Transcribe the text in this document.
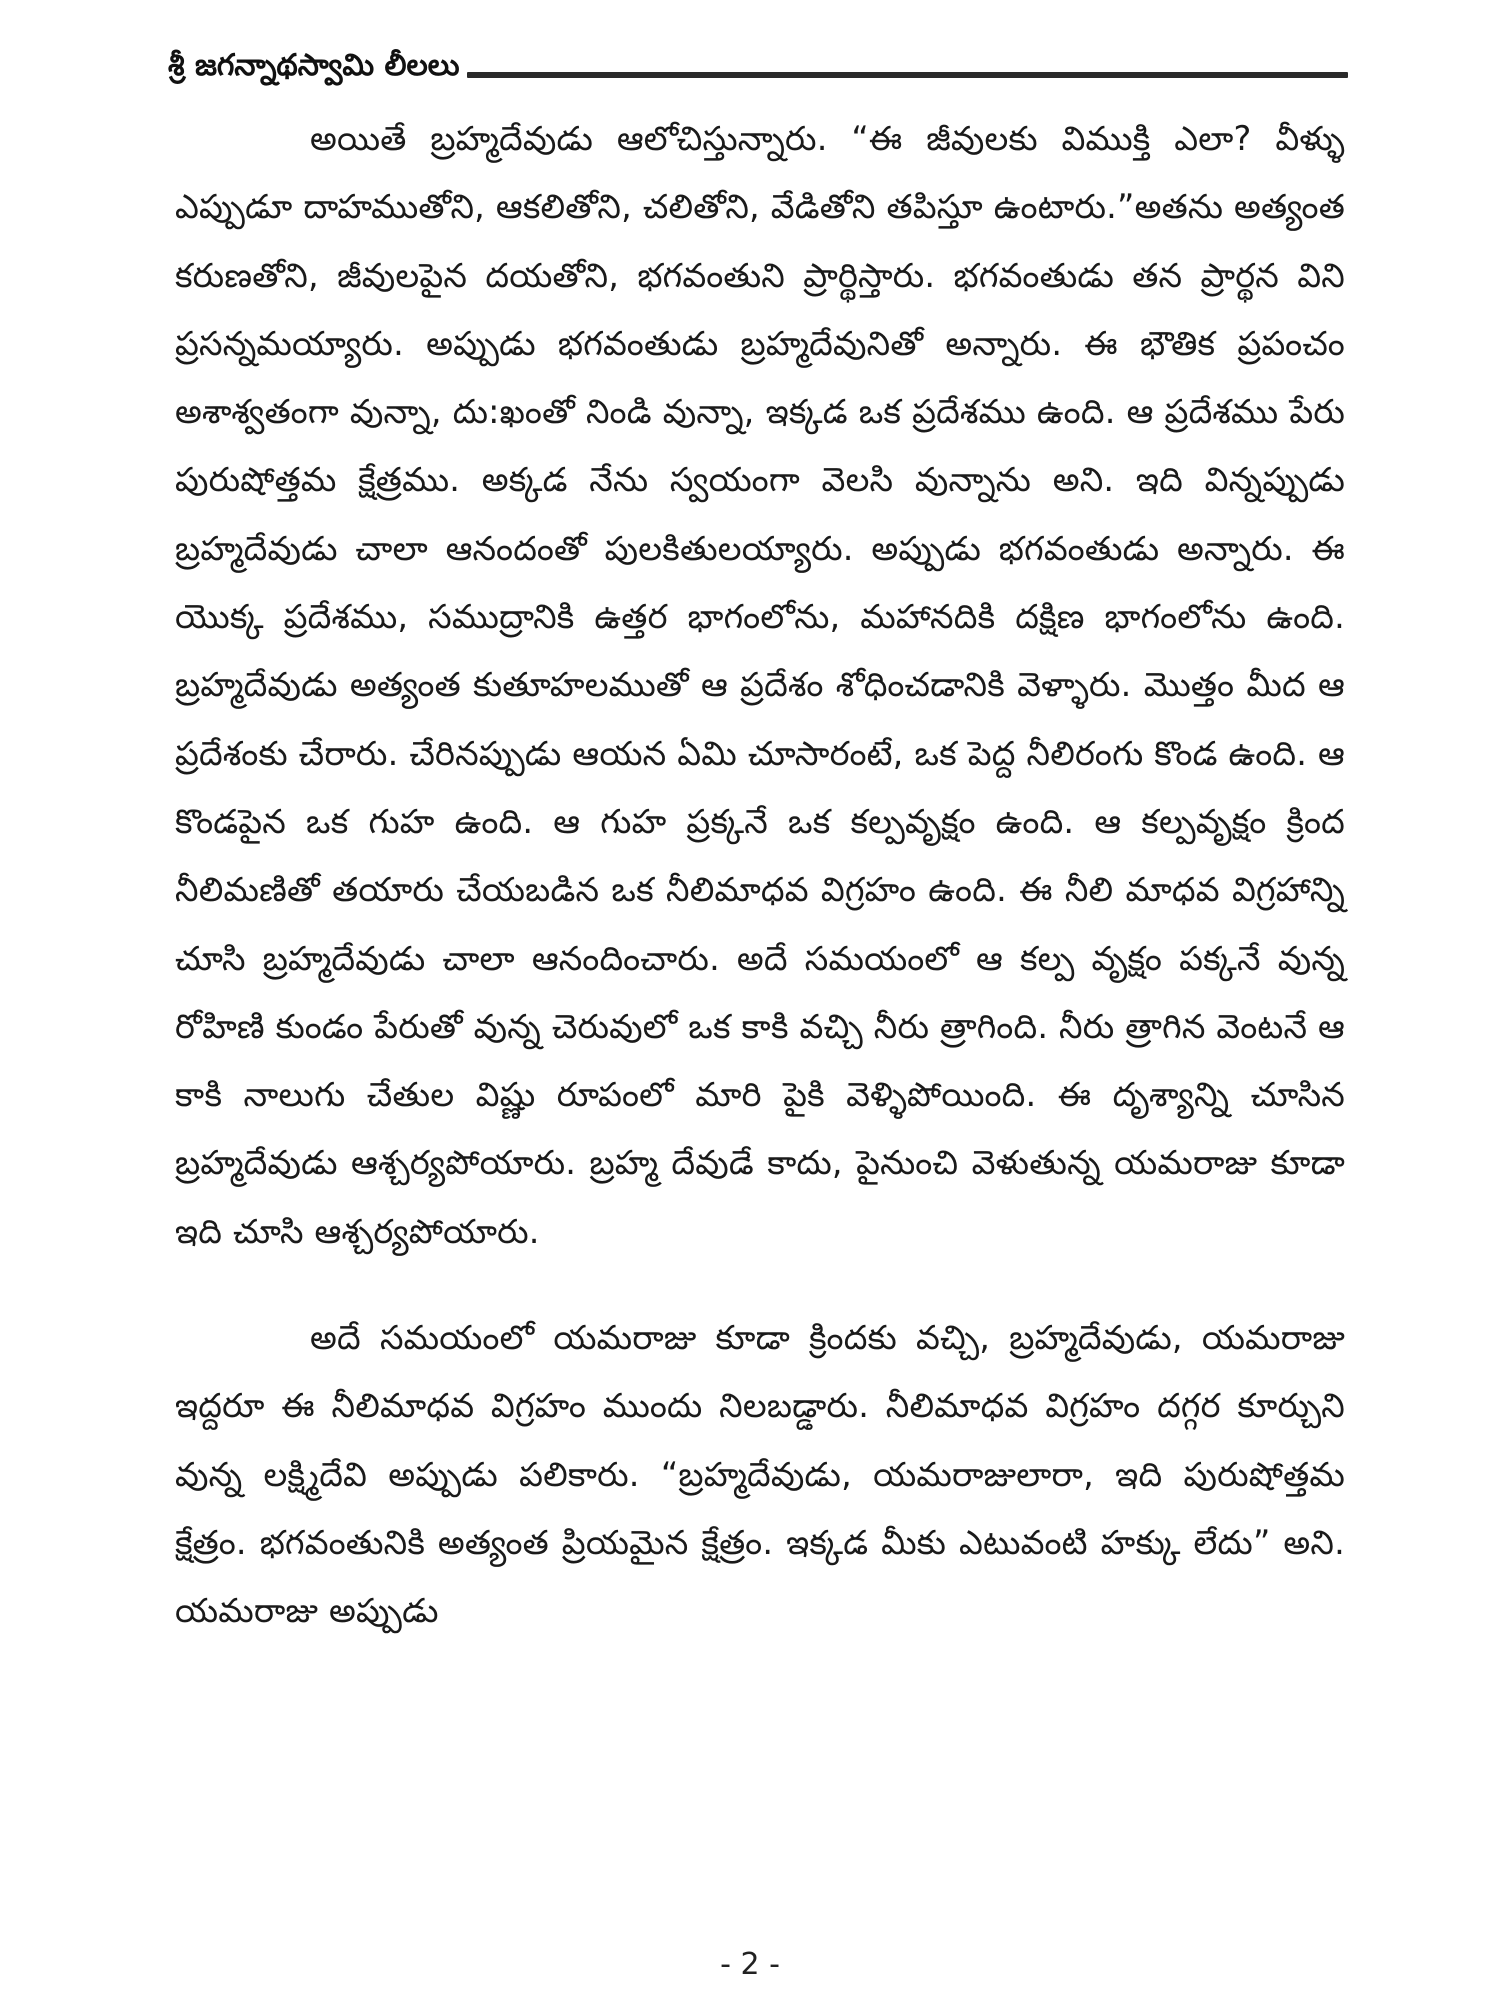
శ్రీ జగన్నాథస్వామి లీలలు

అయితే బ్రహ్మదేవుడు ఆలోచిస్తున్నారు. “ఈ జీవులకు విముక్తి ఎలా? వీళ్ళు ఎప్పుడూ దాహముతోని, ఆకలితోని, చలితోని, వేడితోని తపిస్తూ ఉంటారు.”అతను అత్యంత కరుణతోని, జీవులపైన దయతోని, భగవంతుని ప్రార్థిస్తారు. భగవంతుడు తన ప్రార్థన విని ప్రసన్నమయ్యారు. అప్పుడు భగవంతుడు బ్రహ్మదేవునితో అన్నారు. ఈ భౌతిక ప్రపంచం అశాశ్వతంగా వున్నా, దు:ఖంతో నిండి వున్నా, ఇక్కడ ఒక ప్రదేశము ఉంది. ఆ ప్రదేశము పేరు పురుషోత్తమ క్షేత్రము. అక్కడ నేను స్వయంగా వెలసి వున్నాను అని. ఇది విన్నప్పుడు బ్రహ్మదేవుడు చాలా ఆనందంతో పులకితులయ్యారు. అప్పుడు భగవంతుడు అన్నారు. ఈ యొక్క ప్రదేశము, సముద్రానికి ఉత్తర భాగంలోను, మహానదికి దక్షిణ భాగంలోను ఉంది. బ్రహ్మదేవుడు అత్యంత కుతూహలముతో ఆ ప్రదేశం శోధించడానికి వెళ్ళారు. మొత్తం మీద ఆ ప్రదేశంకు చేరారు. చేరినప్పుడు ఆయన ఏమి చూసారంటే, ఒక పెద్ద నీలిరంగు కొండ ఉంది. ఆ కొండపైన ఒక గుహ ఉంది. ఆ గుహ ప్రక్కనే ఒక కల్పవృక్షం ఉంది. ఆ కల్పవృక్షం క్రింద నీలిమణితో తయారు చేయబడిన ఒక నీలిమాధవ విగ్రహం ఉంది. ఈ నీలి మాధవ విగ్రహాన్ని చూసి బ్రహ్మదేవుడు చాలా ఆనందించారు. అదే సమయంలో ఆ కల్ప వృక్షం పక్కనే వున్న రోహిణి కుండం పేరుతో వున్న చెరువులో ఒక కాకి వచ్చి నీరు త్రాగింది. నీరు త్రాగిన వెంటనే ఆ కాకి నాలుగు చేతుల విష్ణు రూపంలో మారి పైకి వెళ్ళిపోయింది. ఈ దృశ్యాన్ని చూసిన బ్రహ్మదేవుడు ఆశ్చర్యపోయారు. బ్రహ్మ దేవుడే కాదు, పైనుంచి వెళుతున్న యమరాజు కూడా ఇది చూసి ఆశ్చర్యపోయారు.

అదే సమయంలో యమరాజు కూడా క్రిందకు వచ్చి, బ్రహ్మదేవుడు, యమరాజు ఇద్దరూ ఈ నీలిమాధవ విగ్రహం ముందు నిలబడ్డారు. నీలిమాధవ విగ్రహం దగ్గర కూర్చుని వున్న లక్ష్మిదేవి అప్పుడు పలికారు. “బ్రహ్మదేవుడు, యమరాజులారా, ఇది పురుషోత్తమ క్షేత్రం. భగవంతునికి అత్యంత ప్రియమైన క్షేత్రం. ఇక్కడ మీకు ఎటువంటి హక్కు లేదు” అని. యమరాజు అప్పుడు

- 2 -
